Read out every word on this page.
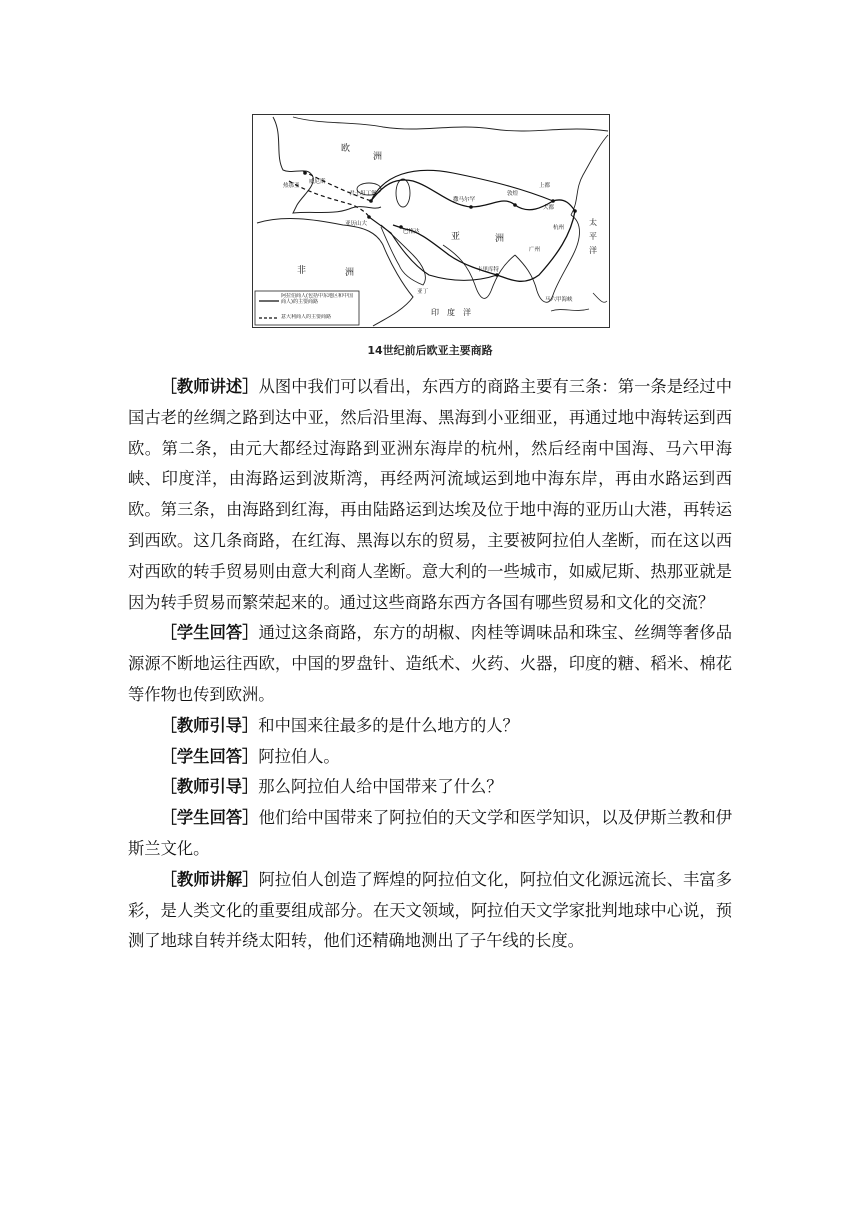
欧
洲
亚	洲
非	洲
太
平
洋
印 度 洋
威尼斯
热那亚
君士坦丁堡
亚历山大
巴格达
亚丁
撒马尔罕
敦煌
上都
大都
杭州
广州
卡里库特
马六甲海峡
阿拉伯商人(包括中东地区和中国商人)的主要商路
意大利商人的主要商路
14世纪前后欧亚主要商路

［教师讲述］从图中我们可以看出，东西方的商路主要有三条：第一条是经过中国古老的丝绸之路到达中亚，然后沿里海、黑海到小亚细亚，再通过地中海转运到西欧。第二条，由元大都经过海路到亚洲东海岸的杭州，然后经南中国海、马六甲海峡、印度洋，由海路运到波斯湾，再经两河流域运到地中海东岸，再由水路运到西欧。第三条，由海路到红海，再由陆路运到达埃及位于地中海的亚历山大港，再转运到西欧。这几条商路，在红海、黑海以东的贸易，主要被阿拉伯人垄断，而在这以西对西欧的转手贸易则由意大利商人垄断。意大利的一些城市，如威尼斯、热那亚就是因为转手贸易而繁荣起来的。通过这些商路东西方各国有哪些贸易和文化的交流？

［学生回答］通过这条商路，东方的胡椒、肉桂等调味品和珠宝、丝绸等奢侈品源源不断地运往西欧，中国的罗盘针、造纸术、火药、火器，印度的糖、稻米、棉花等作物也传到欧洲。

［教师引导］和中国来往最多的是什么地方的人？

［学生回答］阿拉伯人。

［教师引导］那么阿拉伯人给中国带来了什么？

［学生回答］他们给中国带来了阿拉伯的天文学和医学知识，以及伊斯兰教和伊斯兰文化。

［教师讲解］阿拉伯人创造了辉煌的阿拉伯文化，阿拉伯文化源远流长、丰富多彩，是人类文化的重要组成部分。在天文领域，阿拉伯天文学家批判地球中心说，预测了地球自转并绕太阳转，他们还精确地测出了子午线的长度。
